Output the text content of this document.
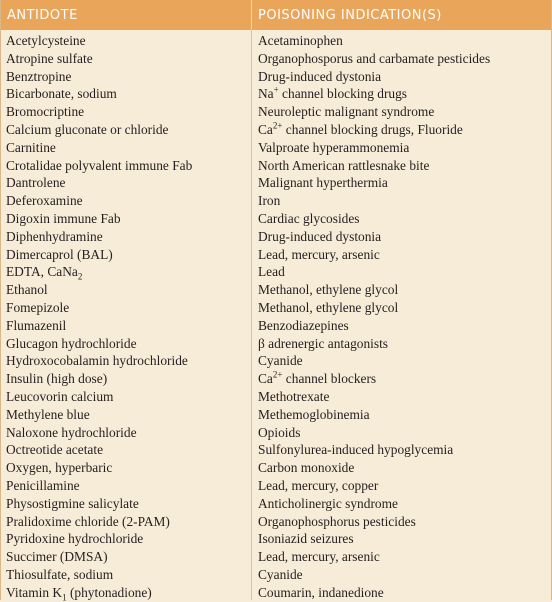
ANTIDOTE	POISONING INDICATION(S)
Acetylcysteine
Atropine sulfate
Benztropine
Bicarbonate, sodium
Bromocriptine
Calcium gluconate or chloride
Carnitine
Crotalidae polyvalent immune Fab
Dantrolene
Deferoxamine
Digoxin immune Fab
Diphenhydramine
Dimercaprol (BAL)
EDTA, CaNa$_2$
Ethanol
Fomepizole
Flumazenil
Glucagon hydrochloride
Hydroxocobalamin hydrochloride
Insulin (high dose)
Leucovorin calcium
Methylene blue
Naloxone hydrochloride
Octreotide acetate
Oxygen, hyperbaric
Penicillamine
Physostigmine salicylate
Pralidoxime chloride (2-PAM)
Pyridoxine hydrochloride
Succimer (DMSA)
Thiosulfate, sodium
Vitamin $K_1$ (phytonadione)
Acetaminophen
Organophosporus and carbamate pesticides
Drug-induced dystonia
Na+ channel blocking drugs
Neuroleptic malignant syndrome
$Ca^{2+}$ channel blocking drugs, Fluoride
Valproate hyperammonemia
North American rattlesnake bite
Malignant hyperthermia
Iron
Cardiac glycosides
Drug-induced dystonia
Lead, mercury, arsenic
Lead
Methanol, ethylene glycol
Methanol, ethylene glycol
Benzodiazepines
β adrenergic antagonists
Cyanide
$Ca^{2+}$ channel blockers
Methotrexate
Methemoglobinemia
Opioids
Sulfonylurea-induced hypoglycemia
Carbon monoxide
Lead, mercury, copper
Anticholinergic syndrome
Organophosphorus pesticides
Isoniazid seizures
Lead, mercury, arsenic
Cyanide
Coumarin, indanedione
